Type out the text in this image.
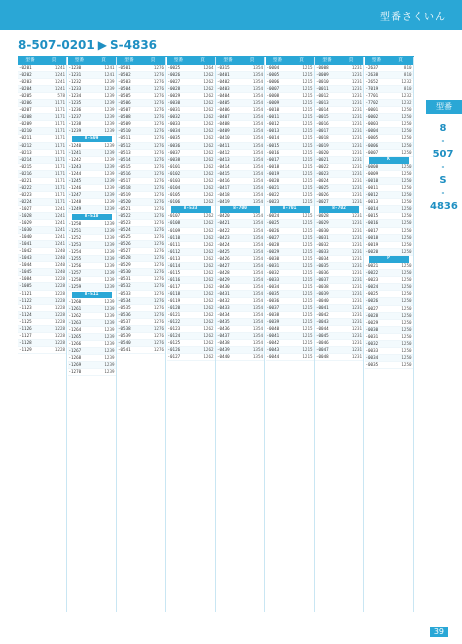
型番さくいん
8-507-0201 ▶ S-4836
型番	頁
-0201	1241
-0202	1241
-0203	1241
-0204	1241
-0205	578
-0206	1171
-0207	1171
-0208	1171
-0209	1171
-0210	1171
-0211	1171
-0212	1171
-0213	1171
-0214	1171
-0215	1171
-0216	1171
-0221	1171
-0222	1171
-0223	1171
-0224	1171
-1027	1241
-1028	1241
-1029	1241
-1030	1241
-1040	1241
-1041	1241
-1042	1240
-1043	1240
-1044	1240
-1045	1240
-1084	1228
-1085	1228
-1121	1228
-1122	1228
-1123	1228
-1124	1228
-1125	1228
-1126	1228
-1127	1228
-1128	1228
-1129	1228
型番	頁
-1230	1241
-1231	1241
-1232	1239
-1233	1239
-1234	1239
-1235	1239
-1236	1239
-1237	1239
-1238	1239
-1239	1239
8-509
-1240	1239
-1241	1239
-1242	1239
-1243	1239
-1244	1239
-1245	1239
-1246	1239
-1247	1239
-1248	1239
-1249	1239
8-510
-1250	1239
-1251	1239
-1252	1239
-1253	1239
-1254	1239
-1255	1239
-1256	1239
-1257	1239
-1258	1239
-1259	1239
8-511
-1260	1239
-1261	1239
-1262	1239
-1263	1239
-1264	1239
-1265	1239
-1266	1239
-1267	1239
-1268	1239
-1269	1239
-1270	1239
型番	頁
-0501	1276
-0502	1276
-0503	1276
-0504	1276
-0505	1276
-0506	1276
-0507	1276
-0508	1276
-0509	1276
-0510	1276
-0511	1276
-0512	1276
-0513	1276
-0514	1276
-0515	1276
-0516	1276
-0517	1276
-0518	1276
-0519	1276
-0520	1276
-0521	1276
-0522	1276
-0523	1276
-0524	1276
-0525	1276
-0526	1276
-0527	1276
-0528	1276
-0529	1276
-0530	1276
-0531	1276
-0532	1276
-0533	1276
-0534	1276
-0535	1276
-0536	1276
-0537	1276
-0538	1276
-0539	1276
-0540	1276
-0541	1276
型番	頁
-0025	1264
-0026	1262
-0027	1262
-0028	1262
-0029	1262
-0030	1262
-0031	1262
-0032	1262
-0033	1262
-0034	1262
-0035	1262
-0036	1262
-0037	1262
-0038	1262
-0101	1262
-0102	1262
-0103	1262
-0104	1262
-0105	1262
-0106	1262
8-533
-0107	1262
-0108	1262
-0109	1262
-0110	1262
-0111	1262
-0112	1262
-0113	1262
-0114	1262
-0115	1262
-0116	1262
-0117	1262
-0118	1262
-0119	1262
-0120	1262
-0121	1262
-0122	1262
-0123	1262
-0124	1262
-0125	1262
-0126	1262
-0127	1262
型番	頁
-0315	1354
-0401	1354
-0402	1354
-0403	1354
-0404	1354
-0405	1354
-0406	1354
-0407	1354
-0408	1354
-0409	1354
-0410	1354
-0411	1354
-0412	1354
-0413	1354
-0414	1354
-0415	1354
-0416	1354
-0417	1354
-0418	1354
-0419	1354
8-700
-0420	1354
-0421	1354
-0422	1354
-0423	1354
-0424	1354
-0425	1354
-0426	1354
-0427	1354
-0428	1354
-0429	1354
-0430	1354
-0431	1354
-0432	1354
-0433	1354
-0434	1354
-0435	1354
-0436	1354
-0437	1354
-0438	1354
-0439	1354
-0440	1354
型番	頁
-0004	1215
-0005	1215
-0006	1215
-0007	1215
-0008	1215
-0009	1215
-0010	1215
-0011	1215
-0012	1215
-0013	1215
-0014	1215
-0015	1215
-0016	1215
-0017	1215
-0018	1215
-0019	1215
-0020	1215
-0021	1215
-0022	1215
-0023	1215
8-701
-0024	1215
-0025	1215
-0026	1215
-0027	1215
-0028	1215
-0029	1215
-0030	1215
-0031	1215
-0032	1215
-0033	1215
-0034	1215
-0035	1215
-0036	1215
-0037	1215
-0038	1215
-0039	1215
-0040	1215
-0041	1215
-0042	1215
-0043	1215
-0044	1215
型番	頁
-0008	1231
-0009	1231
-0010	1231
-0011	1231
-0012	1231
-0013	1231
-0014	1231
-0015	1231
-0016	1231
-0017	1231
-0018	1231
-0019	1231
-0020	1231
-0021	1231
-0022	1231
-0023	1231
-0024	1231
-0025	1231
-0026	1231
-0027	1231
8-702
-0028	1231
-0029	1231
-0030	1231
-0031	1231
-0032	1231
-0033	1231
-0034	1231
-0035	1231
-0036	1231
-0037	1231
-0038	1231
-0039	1231
-0040	1231
-0041	1231
-0042	1231
-0043	1231
-0044	1231
-0045	1231
-0046	1231
-0047	1231
-0048	1231
型番	頁
-2637	810
-2638	810
-2652	1232
-7019	810
-7701	1232
-7702	1232
-0001	1250
-0002	1250
-0003	1250
-0004	1250
-0005	1250
-0006	1250
-0007	1250
K
-0008	1250
-0009	1250
-0010	1250
-0011	1250
-0012	1250
-0013	1250
-0014	1250
-0015	1250
-0016	1250
-0017	1250
-0018	1250
-0019	1250
-0020	1250
P
-0021	1250
-0022	1250
-0023	1250
-0024	1250
-0025	1250
-0026	1250
-0027	1250
-0028	1250
-0029	1250
-0030	1250
-0031	1250
-0032	1250
-0033	1250
-0034	1250
-0035	1250
型番
8
-
507
-
S
-
4836
39
